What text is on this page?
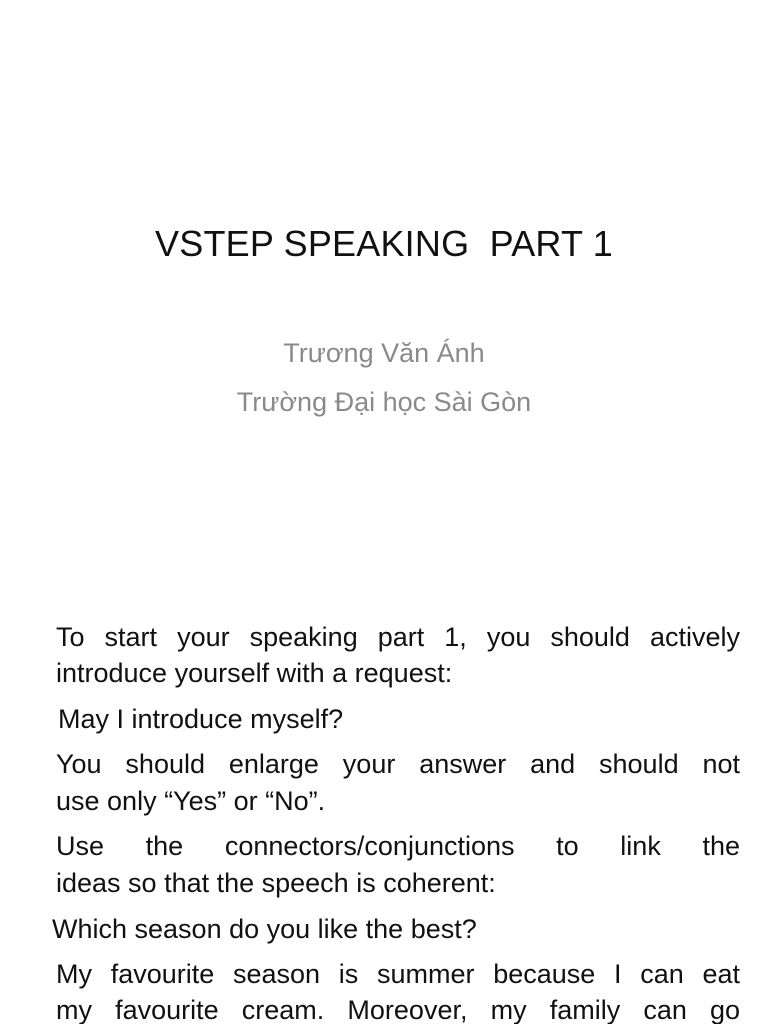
VSTEP SPEAKING  PART 1
Trương Văn Ánh
Trường Đại học Sài Gòn

To start your speaking part 1, you should actively

introduce yourself with a request:

May I introduce myself?

You should enlarge your answer and should not

use only “Yes” or “No”.

Use the connectors/conjunctions to link the

ideas so that the speech is coherent:

Which season do you like the best?

My favourite season is summer because I can eat

my favourite cream. Moreover, my family can go
